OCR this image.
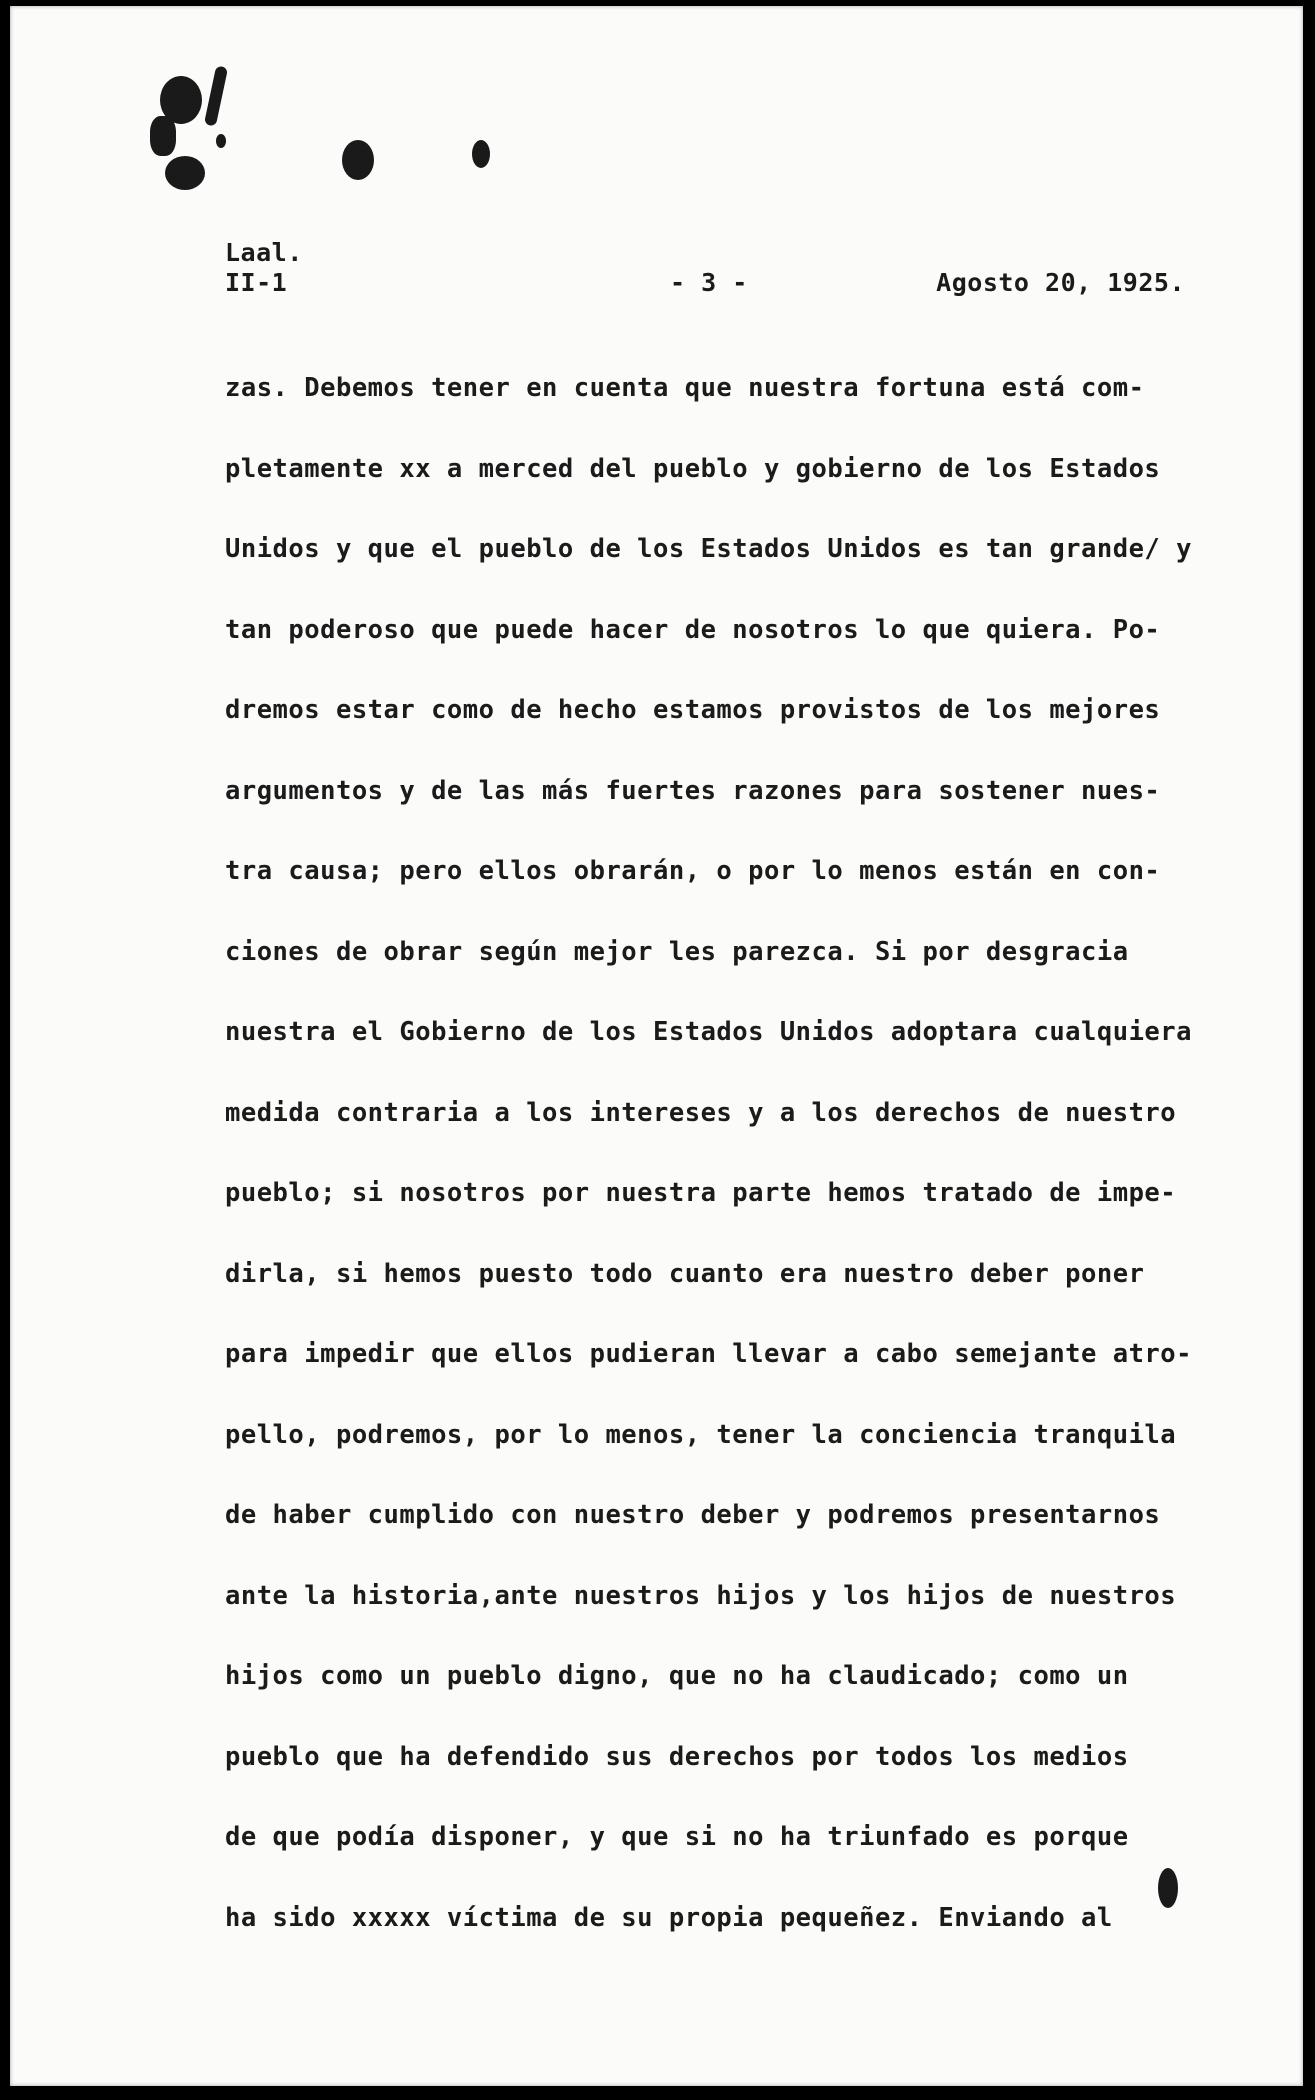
Laal.
II-1	- 3 -	Agosto 20, 1925.
zas. Debemos tener en cuenta que nuestra fortuna está com-
pletamente xx a merced del pueblo y gobierno de los Estados
Unidos y que el pueblo de los Estados Unidos es tan grande/ y
tan poderoso que puede hacer de nosotros lo que quiera. Po-
dremos estar como de hecho estamos provistos de los mejores
argumentos y de las más fuertes razones para sostener nues-
tra causa; pero ellos obrarán, o por lo menos están en con-
ciones de obrar según mejor les parezca. Si por desgracia
nuestra el Gobierno de los Estados Unidos adoptara cualquiera
medida contraria a los intereses y a los derechos de nuestro
pueblo; si nosotros por nuestra parte hemos tratado de impe-
dirla, si hemos puesto todo cuanto era nuestro deber poner
para impedir que ellos pudieran llevar a cabo semejante atro-
pello, podremos, por lo menos, tener la conciencia tranquila
de haber cumplido con nuestro deber y podremos presentarnos
ante la historia,ante nuestros hijos y los hijos de nuestros
hijos como un pueblo digno, que no ha claudicado; como un
pueblo que ha defendido sus derechos por todos los medios
de que podía disponer, y que si no ha triunfado es porque
ha sido xxxxx víctima de su propia pequeñez. Enviando al
